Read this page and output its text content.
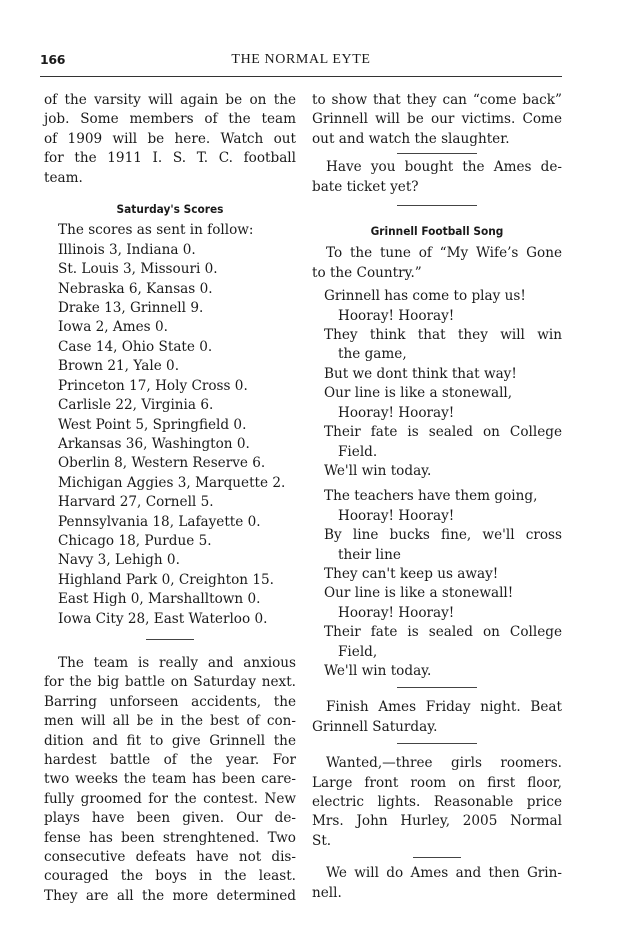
166	THE NORMAL EYTE
of the varsity will again be on the
job. Some members of the team
of 1909 will be here. Watch out
for the 1911 I. S. T. C. football
team.
Saturday's Scores
The scores as sent in follow:
Illinois 3, Indiana 0.
St. Louis 3, Missouri 0.
Nebraska 6, Kansas 0.
Drake 13, Grinnell 9.
Iowa 2, Ames 0.
Case 14, Ohio State 0.
Brown 21, Yale 0.
Princeton 17, Holy Cross 0.
Carlisle 22, Virginia 6.
West Point 5, Springfield 0.
Arkansas 36, Washington 0.
Oberlin 8, Western Reserve 6.
Michigan Aggies 3, Marquette 2.
Harvard 27, Cornell 5.
Pennsylvania 18, Lafayette 0.
Chicago 18, Purdue 5.
Navy 3, Lehigh 0.
Highland Park 0, Creighton 15.
East High 0, Marshalltown 0.
Iowa City 28, East Waterloo 0.
The team is really and anxious
for the big battle on Saturday next.
Barring unforseen accidents, the
men will all be in the best of con-
dition and fit to give Grinnell the
hardest battle of the year. For
two weeks the team has been care-
fully groomed for the contest. New
plays have been given. Our de-
fense has been strenghtened. Two
consecutive defeats have not dis-
couraged the boys in the least.
They are all the more determined
to show that they can “come back”
Grinnell will be our victims. Come
out and watch the slaughter.
Have you bought the Ames de-
bate ticket yet?
Grinnell Football Song
To the tune of “My Wife’s Gone
to the Country.”
Grinnell has come to play us!
Hooray! Hooray!
They think that they will win
the game,
But we dont think that way!
Our line is like a stonewall,
Hooray! Hooray!
Their fate is sealed on College
Field.
We'll win today.
The teachers have them going,
Hooray! Hooray!
By line bucks fine, we'll cross
their line
They can't keep us away!
Our line is like a stonewall!
Hooray! Hooray!
Their fate is sealed on College
Field,
We'll win today.
Finish Ames Friday night. Beat
Grinnell Saturday.
Wanted,—three girls roomers.
Large front room on first floor,
electric lights. Reasonable price
Mrs. John Hurley, 2005 Normal
St.
We will do Ames and then Grin-
nell.
